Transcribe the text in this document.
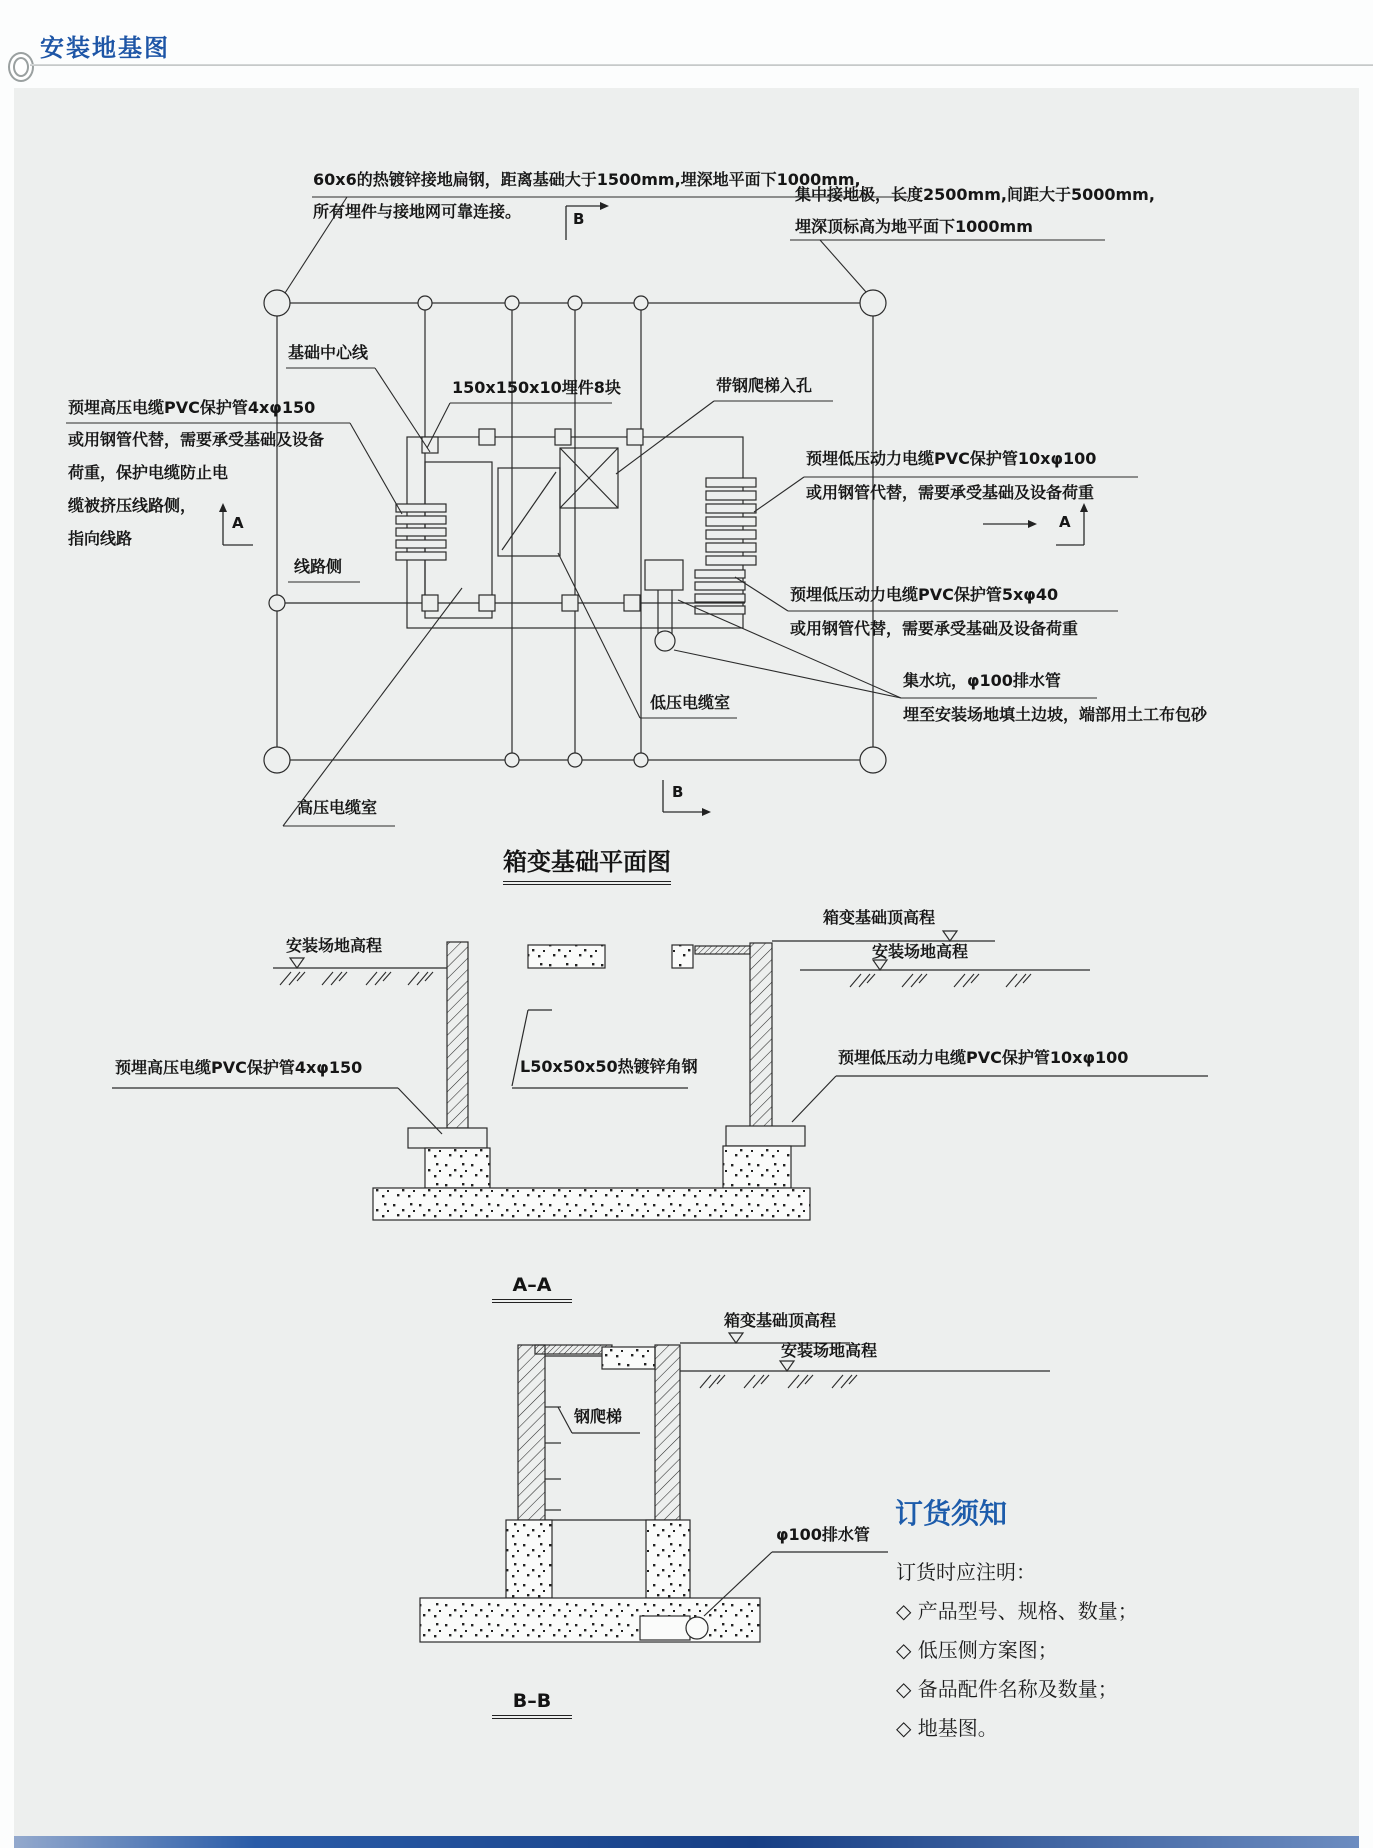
安装地基图
60x6的热镀锌接地扁钢，距离基础大于1500mm,埋深地平面下1000mm,
所有埋件与接地网可靠连接。
集中接地极，长度2500mm,间距大于5000mm,
埋深顶标高为地平面下1000mm
基础中心线
150x150x10埋件8块	带钢爬梯入孔
预埋高压电缆PVC保护管4xφ150
或用钢管代替，需要承受基础及设备
荷重，保护电缆防止电
缆被挤压线路侧，
指向线路
线路侧
预埋低压动力电缆PVC保护管10xφ100
或用钢管代替，需要承受基础及设备荷重
预埋低压动力电缆PVC保护管5xφ40
或用钢管代替，需要承受基础及设备荷重
集水坑，φ100排水管
埋至安装场地填土边坡，端部用土工布包砂
低压电缆室
高压电缆室
A	A
B
B
箱变基础平面图
安装场地高程
箱变基础顶高程
安装场地高程
L50x50x50热镀锌角钢
预埋高压电缆PVC保护管4xφ150
预埋低压动力电缆PVC保护管10xφ100
A–A
箱变基础顶高程
安装场地高程
钢爬梯
φ100排水管
B–B
订货须知
订货时应注明：
◇ 产品型号、规格、数量；
◇ 低压侧方案图；
◇ 备品配件名称及数量；
◇ 地基图。
